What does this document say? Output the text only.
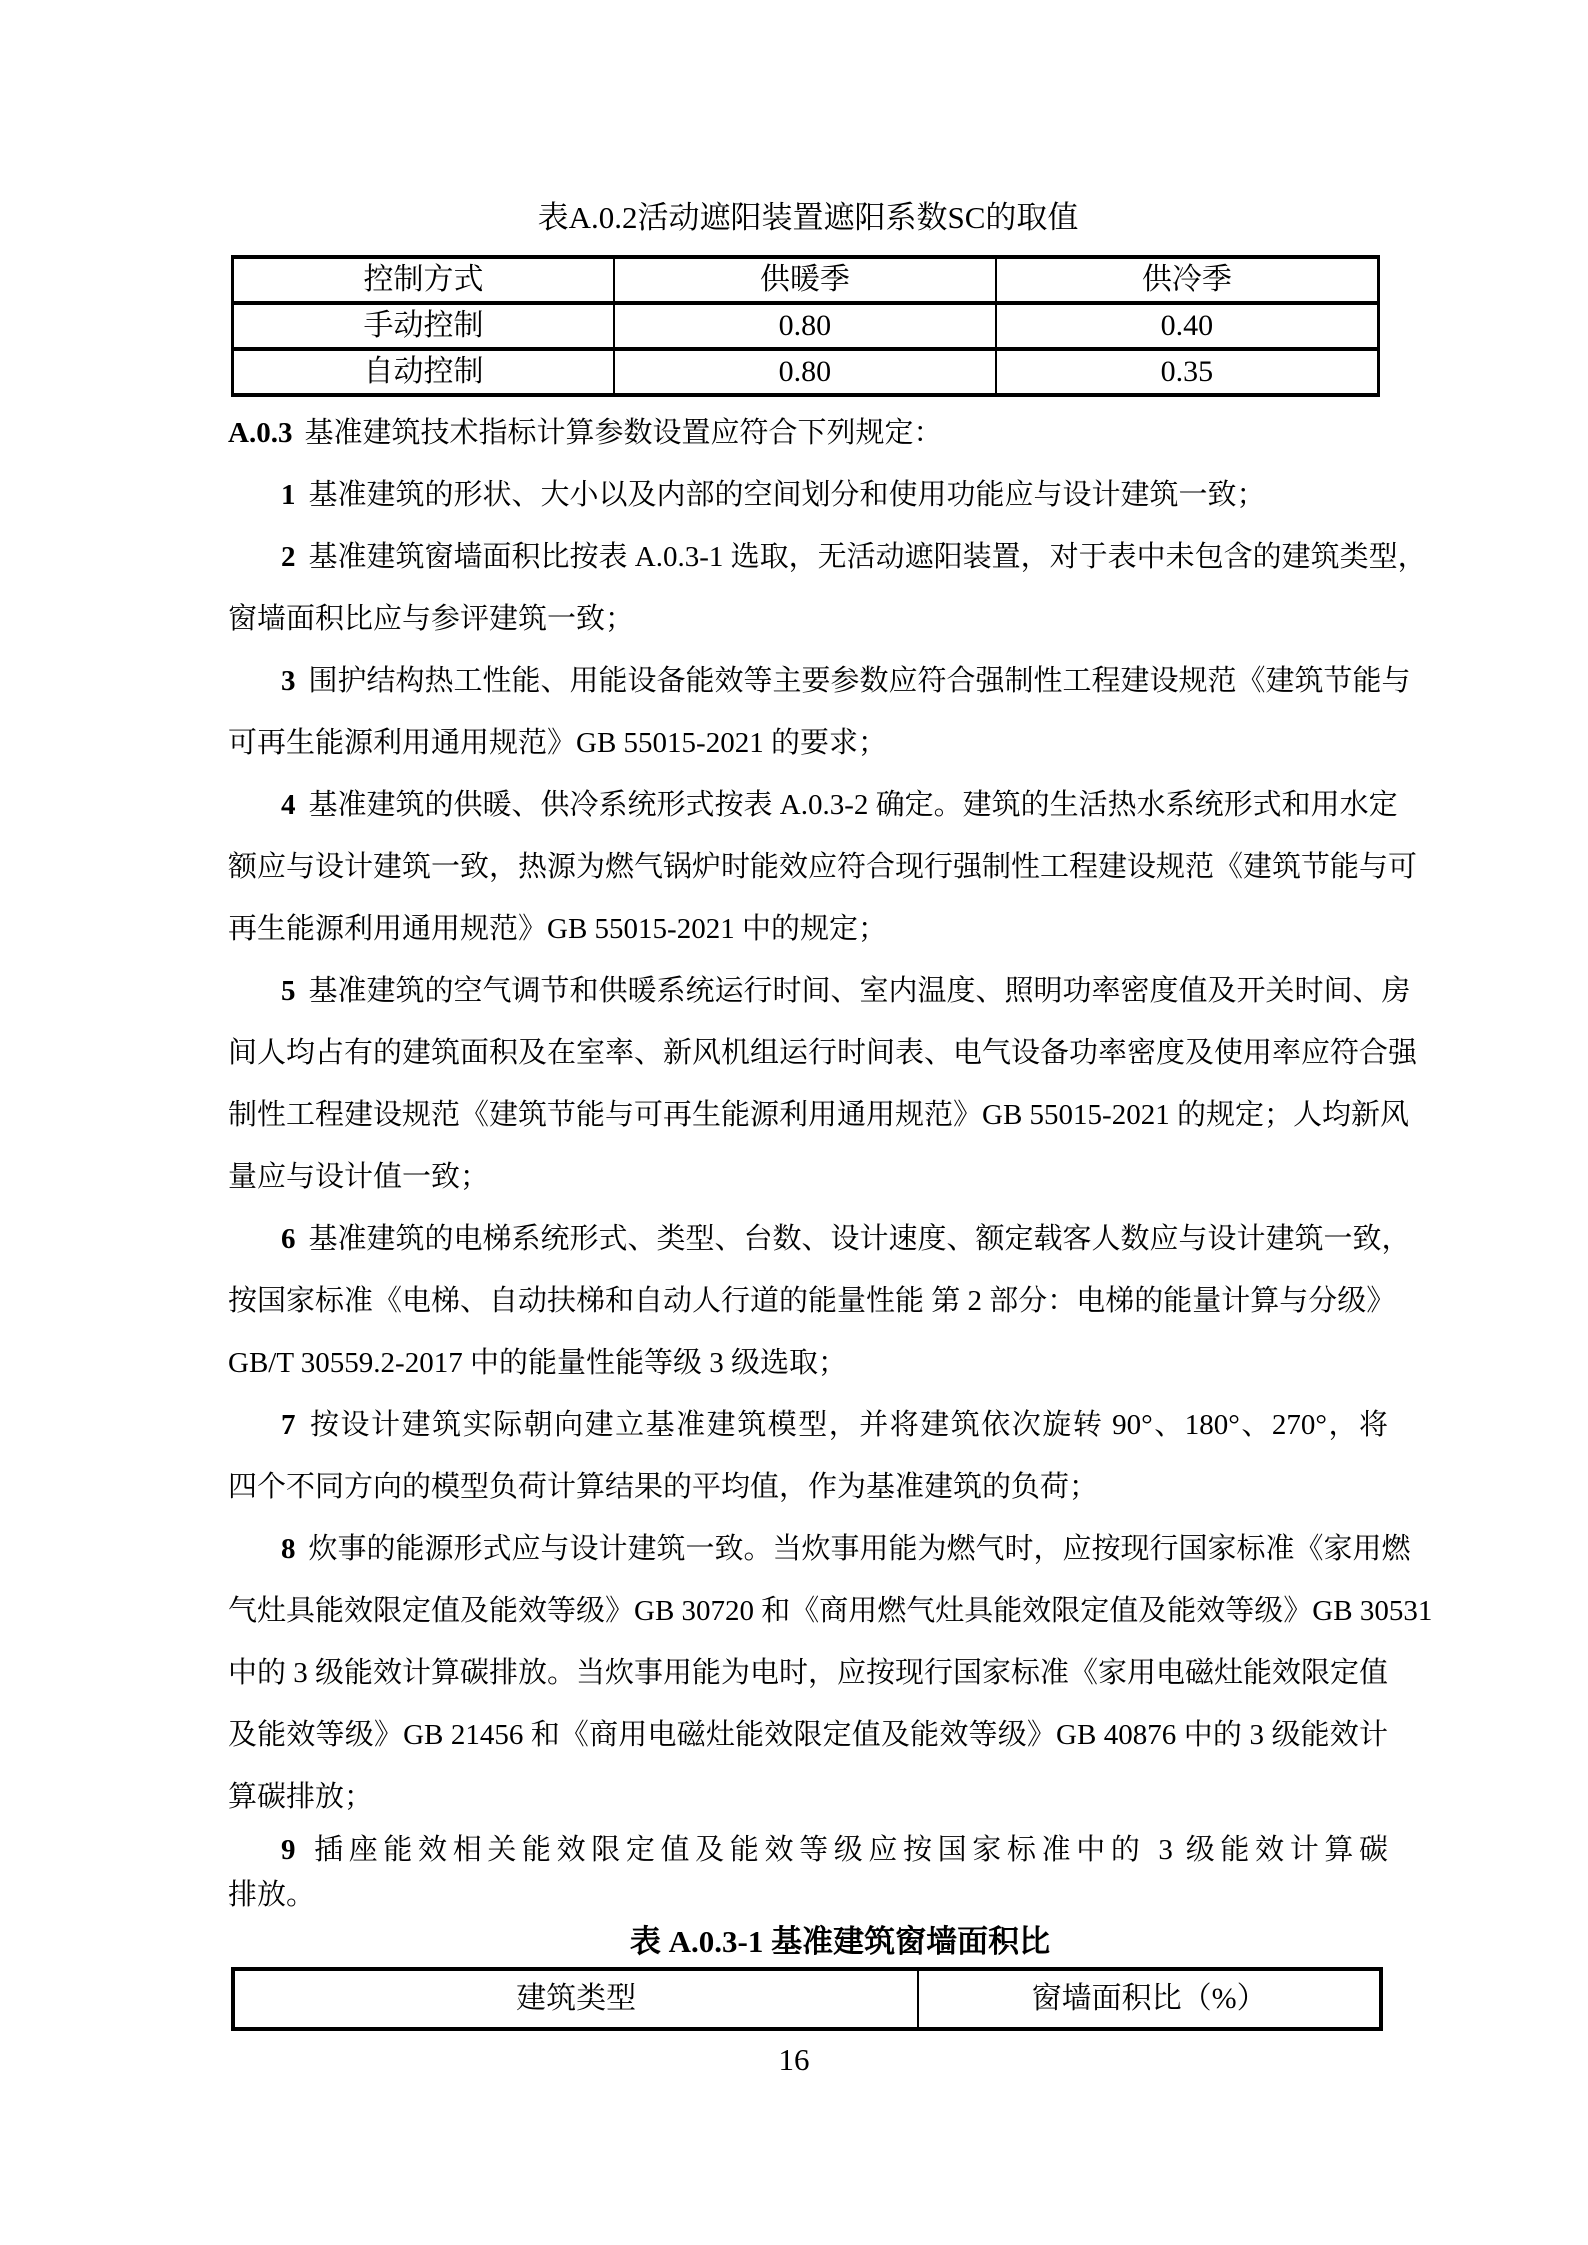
表A.0.2活动遮阳装置遮阳系数SC的取值
控制方式	供暖季	供冷季
手动控制	0.80	0.40
自动控制	0.80	0.35
A.0.3 基准建筑技术指标计算参数设置应符合下列规定：
1 基准建筑的形状、大小以及内部的空间划分和使用功能应与设计建筑一致；
2 基准建筑窗墙面积比按表 A.0.3-1 选取，无活动遮阳装置，对于表中未包含的建筑类型，
窗墙面积比应与参评建筑一致；
3 围护结构热工性能、用能设备能效等主要参数应符合强制性工程建设规范《建筑节能与
可再生能源利用通用规范》GB 55015-2021 的要求；
4 基准建筑的供暖、供冷系统形式按表 A.0.3-2 确定。建筑的生活热水系统形式和用水定
额应与设计建筑一致，热源为燃气锅炉时能效应符合现行强制性工程建设规范《建筑节能与可
再生能源利用通用规范》GB 55015-2021 中的规定；
5 基准建筑的空气调节和供暖系统运行时间、室内温度、照明功率密度值及开关时间、房
间人均占有的建筑面积及在室率、新风机组运行时间表、电气设备功率密度及使用率应符合强
制性工程建设规范《建筑节能与可再生能源利用通用规范》GB 55015-2021 的规定；人均新风
量应与设计值一致；
6 基准建筑的电梯系统形式、类型、台数、设计速度、额定载客人数应与设计建筑一致，
按国家标准《电梯、自动扶梯和自动人行道的能量性能 第 2 部分：电梯的能量计算与分级》
GB/T 30559.2-2017 中的能量性能等级 3 级选取；
7 按设计建筑实际朝向建立基准建筑模型，并将建筑依次旋转 90°、180°、270°，将
四个不同方向的模型负荷计算结果的平均值，作为基准建筑的负荷；
8 炊事的能源形式应与设计建筑一致。当炊事用能为燃气时，应按现行国家标准《家用燃
气灶具能效限定值及能效等级》GB 30720 和《商用燃气灶具能效限定值及能效等级》GB 30531
中的 3 级能效计算碳排放。当炊事用能为电时，应按现行国家标准《家用电磁灶能效限定值
及能效等级》GB 21456 和《商用电磁灶能效限定值及能效等级》GB 40876 中的 3 级能效计
算碳排放；
9 插座能效相关能效限定值及能效等级应按国家标准中的 3 级能效计算碳
排放。
表 A.0.3-1 基准建筑窗墙面积比
建筑类型	窗墙面积比（%）
16
